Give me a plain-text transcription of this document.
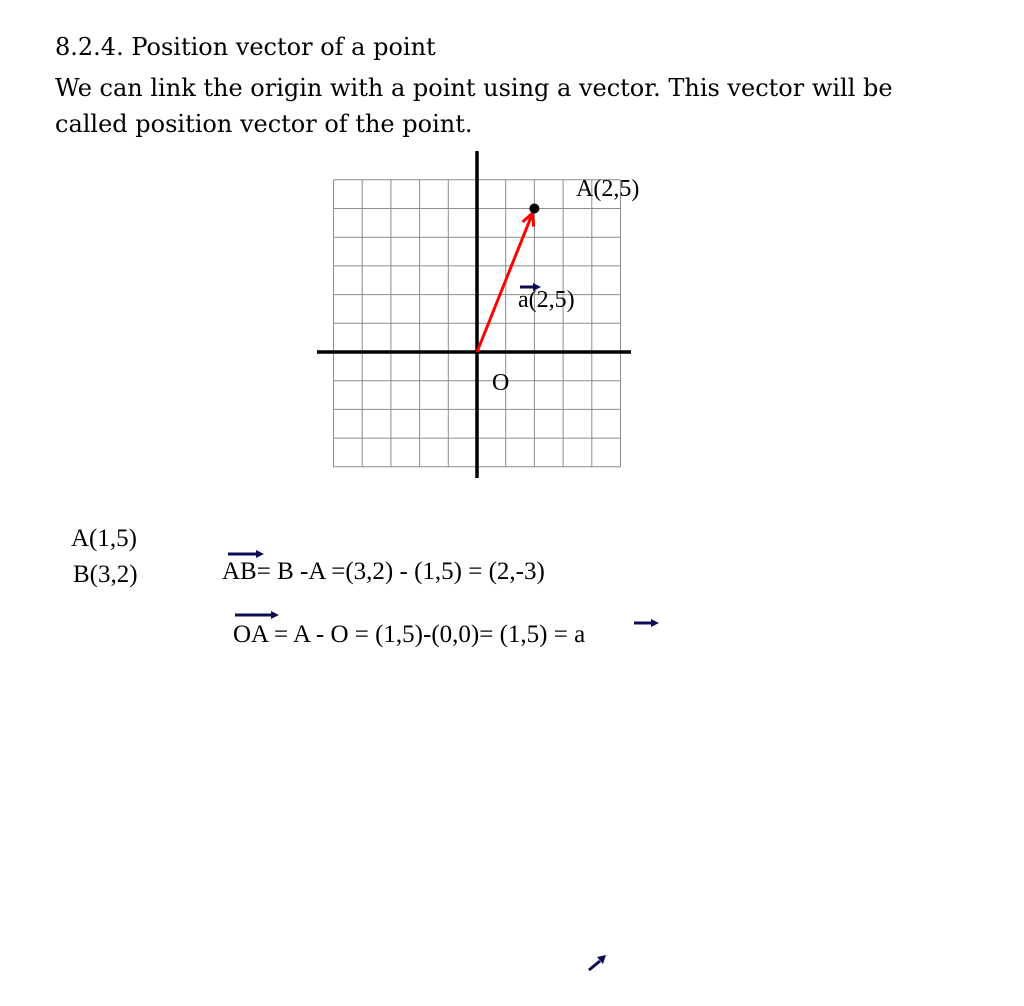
8.2.4. Position vector of a point
We can link the origin with a point using a vector. This vector will be
called position vector of the point.
A(2,5)
a(2,5)
O
A(1,5)
B(3,2)	AB= B -A =(3,2) - (1,5) = (2,-3)
OA = A - O = (1,5)-(0,0)= (1,5) = a
